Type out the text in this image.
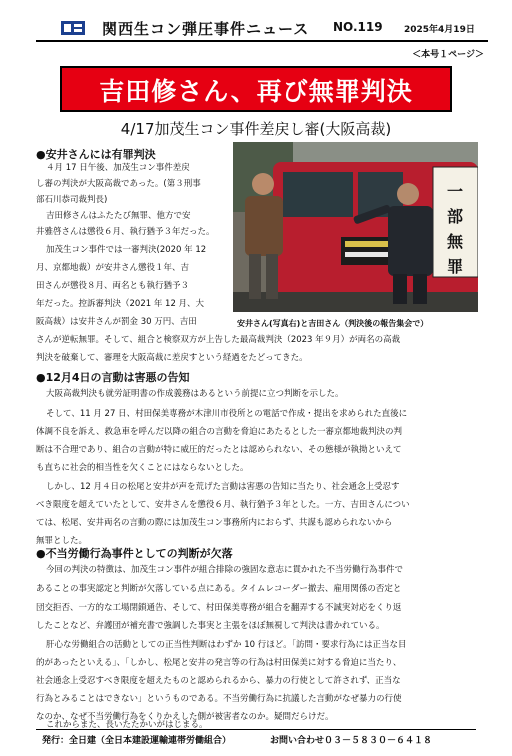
関西生コン弾圧事件ニュース NO.119 2025年4月19日
＜本号１ページ＞
吉田修さん、再び無罪判決
4/17加茂生コン事件差戻し審(大阪高裁)
一
部
無
罪
安井さん(写真右)と吉田さん（判決後の報告集会で）
●安井さんには有罪判決
４月 17 日午後、加茂生コン事件差戻
し審の判決が大阪高裁であった。(第３刑事
部石川恭司裁判長)
吉田修さんはふたたび無罪、他方で安
井雅啓さんは懲役６月、執行猶予３年だった。
加茂生コン事件では一審判決(2020 年 12
月、京都地裁）が安井さん懲役１年、吉
田さんが懲役８月、両名とも執行猶予３
年だった。控訴審判決（2021 年 12 月、大
阪高裁）は安井さんが罰金 30 万円、吉田
さんが逆転無罪。そして、組合と検察双方が上告した最高裁判決（2023 年９月）が両名の高裁
判決を破棄して、審理を大阪高裁に差戻すという経過をたどってきた。
●12月4日の言動は害悪の告知
大阪高裁判決も就労証明書の作成義務はあるという前提に立つ判断を示した。
そして、11 月 27 日、村田保美専務が木津川市役所との電話で作成・提出を求められた直後に
体調不良を訴え、救急車を呼んだ以降の組合の言動を脅迫にあたるとした一審京都地裁判決の判
断は不合理であり、組合の言動が特に威圧的だったとは認められない、その態様が執拗といえて
も直ちに社会的相当性を欠くことにはならないとした。
しかし、12 月４日の松尾と安井が声を荒げた言動は害悪の告知に当たり、社会通念上受忍す
べき限度を超えていたとして、安井さんを懲役６月、執行猶予３年とした。一方、吉田さんについ
ては、松尾、安井両名の言動の際には加茂生コン事務所内におらず、共謀も認められないから
無罪とした。
●不当労働行為事件としての判断が欠落
今回の判決の特徴は、加茂生コン事件が組合排除の強固な意志に貫かれた不当労働行為事件で
あることの事実認定と判断が欠落している点にある。タイムレコーダー撤去、雇用関係の否定と
団交拒否、一方的な工場閉鎖通告、そして、村田保美専務が組合を翻弄する不誠実対応をくり返
したことなど、弁護団が補充書で強調した事実と主張をほぼ無視して判決は書かれている。
肝心な労働組合の活動としての正当性判断はわずか 10 行ほど。「訪問・要求行為には正当な目
的があったといえる」、「しかし、松尾と安井の発言等の行為は村田保美に対する脅迫に当たり、
社会通念上受忍すべき限度を超えたものと認められるから、暴力の行使として許されず、正当な
行為とみることはできない」というものである。不当労働行為に抗議した言動がなぜ暴力の行使
なのか、なぜ不当労働行為をくりかえした側が被害者なのか。疑問だらけだ。
これからまた、長いたたかいがはじまる。
発行：全日建（全日本建設運輸連帯労働組合）	お問い合わせ０３－５８３０－６４１８
